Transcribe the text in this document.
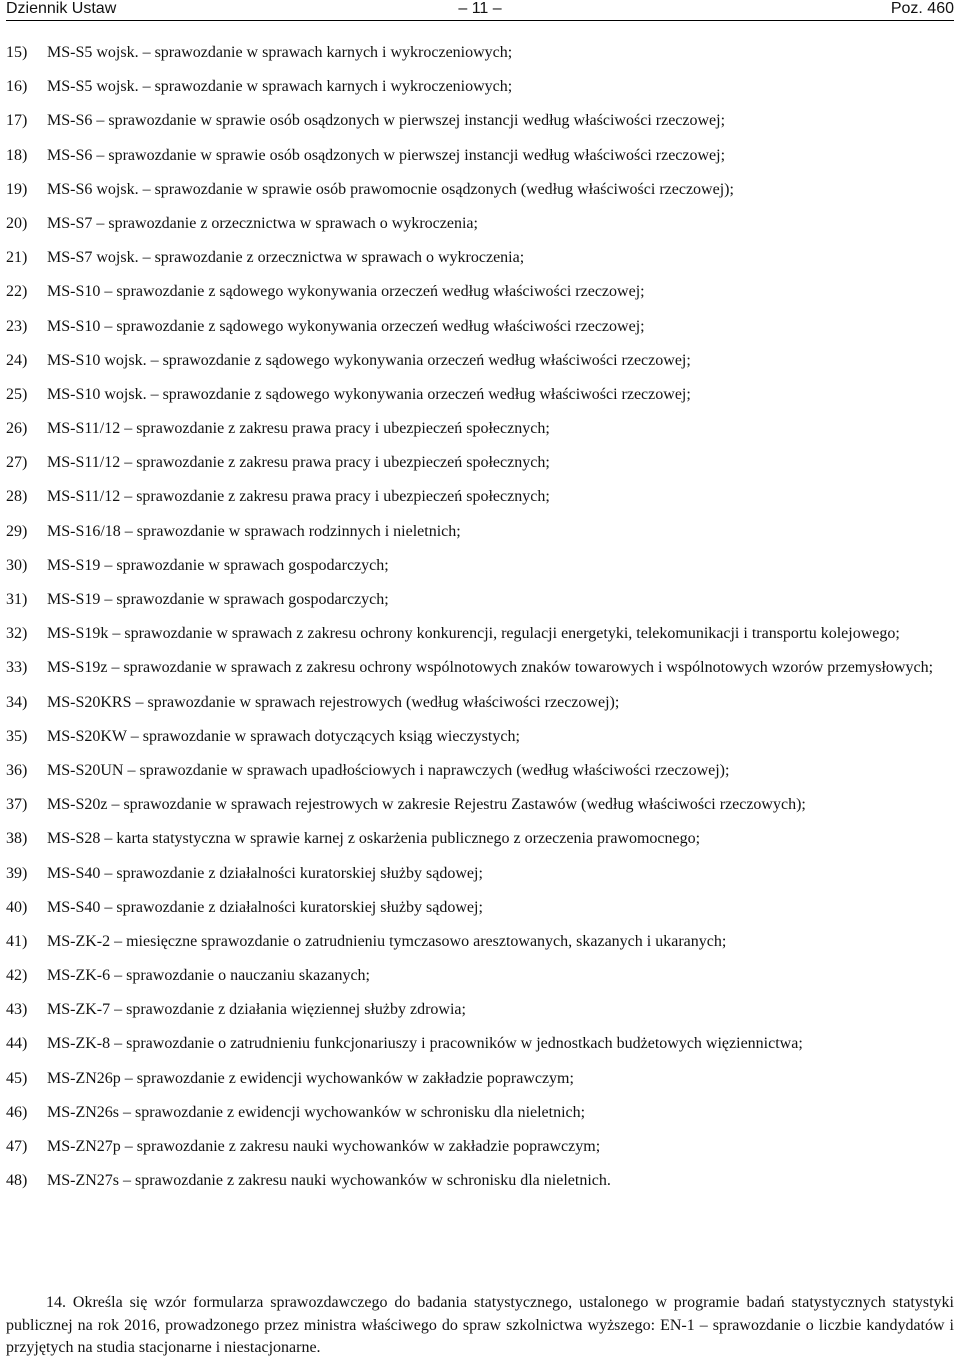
Dziennik Ustaw	– 11 –	Poz. 460
15) MS-S5 wojsk. – sprawozdanie w sprawach karnych i wykroczeniowych;
16) MS-S5 wojsk. – sprawozdanie w sprawach karnych i wykroczeniowych;
17) MS-S6 – sprawozdanie w sprawie osób osądzonych w pierwszej instancji według właściwości rzeczowej;
18) MS-S6 – sprawozdanie w sprawie osób osądzonych w pierwszej instancji według właściwości rzeczowej;
19) MS-S6 wojsk. – sprawozdanie w sprawie osób prawomocnie osądzonych (według właściwości rzeczowej);
20) MS-S7 – sprawozdanie z orzecznictwa w sprawach o wykroczenia;
21) MS-S7 wojsk. – sprawozdanie z orzecznictwa w sprawach o wykroczenia;
22) MS-S10 – sprawozdanie z sądowego wykonywania orzeczeń według właściwości rzeczowej;
23) MS-S10 – sprawozdanie z sądowego wykonywania orzeczeń według właściwości rzeczowej;
24) MS-S10 wojsk. – sprawozdanie z sądowego wykonywania orzeczeń według właściwości rzeczowej;
25) MS-S10 wojsk. – sprawozdanie z sądowego wykonywania orzeczeń według właściwości rzeczowej;
26) MS-S11/12 – sprawozdanie z zakresu prawa pracy i ubezpieczeń społecznych;
27) MS-S11/12 – sprawozdanie z zakresu prawa pracy i ubezpieczeń społecznych;
28) MS-S11/12 – sprawozdanie z zakresu prawa pracy i ubezpieczeń społecznych;
29) MS-S16/18 – sprawozdanie w sprawach rodzinnych i nieletnich;
30) MS-S19 – sprawozdanie w sprawach gospodarczych;
31) MS-S19 – sprawozdanie w sprawach gospodarczych;
32) MS-S19k – sprawozdanie w sprawach z zakresu ochrony konkurencji, regulacji energetyki, telekomunikacji i transportu kolejowego;
33) MS-S19z – sprawozdanie w sprawach z zakresu ochrony wspólnotowych znaków towarowych i wspólnotowych wzorów przemysłowych;
34) MS-S20KRS – sprawozdanie w sprawach rejestrowych (według właściwości rzeczowej);
35) MS-S20KW – sprawozdanie w sprawach dotyczących ksiąg wieczystych;
36) MS-S20UN – sprawozdanie w sprawach upadłościowych i naprawczych (według właściwości rzeczowej);
37) MS-S20z – sprawozdanie w sprawach rejestrowych w zakresie Rejestru Zastawów (według właściwości rzeczowych);
38) MS-S28 – karta statystyczna w sprawie karnej z oskarżenia publicznego z orzeczenia prawomocnego;
39) MS-S40 – sprawozdanie z działalności kuratorskiej służby sądowej;
40) MS-S40 – sprawozdanie z działalności kuratorskiej służby sądowej;
41) MS-ZK-2 – miesięczne sprawozdanie o zatrudnieniu tymczasowo aresztowanych, skazanych i ukaranych;
42) MS-ZK-6 – sprawozdanie o nauczaniu skazanych;
43) MS-ZK-7 – sprawozdanie z działania więziennej służby zdrowia;
44) MS-ZK-8 – sprawozdanie o zatrudnieniu funkcjonariuszy i pracowników w jednostkach budżetowych więziennictwa;
45) MS-ZN26p – sprawozdanie z ewidencji wychowanków w zakładzie poprawczym;
46) MS-ZN26s – sprawozdanie z ewidencji wychowanków w schronisku dla nieletnich;
47) MS-ZN27p – sprawozdanie z zakresu nauki wychowanków w zakładzie poprawczym;
48) MS-ZN27s – sprawozdanie z zakresu nauki wychowanków w schronisku dla nieletnich.

14. Określa się wzór formularza sprawozdawczego do badania statystycznego, ustalonego w programie badań statystycznych statystyki publicznej na rok 2016, prowadzonego przez ministra właściwego do spraw szkolnictwa wyższego: EN-1 – sprawozdanie o liczbie kandydatów i przyjętych na studia stacjonarne i niestacjonarne.
